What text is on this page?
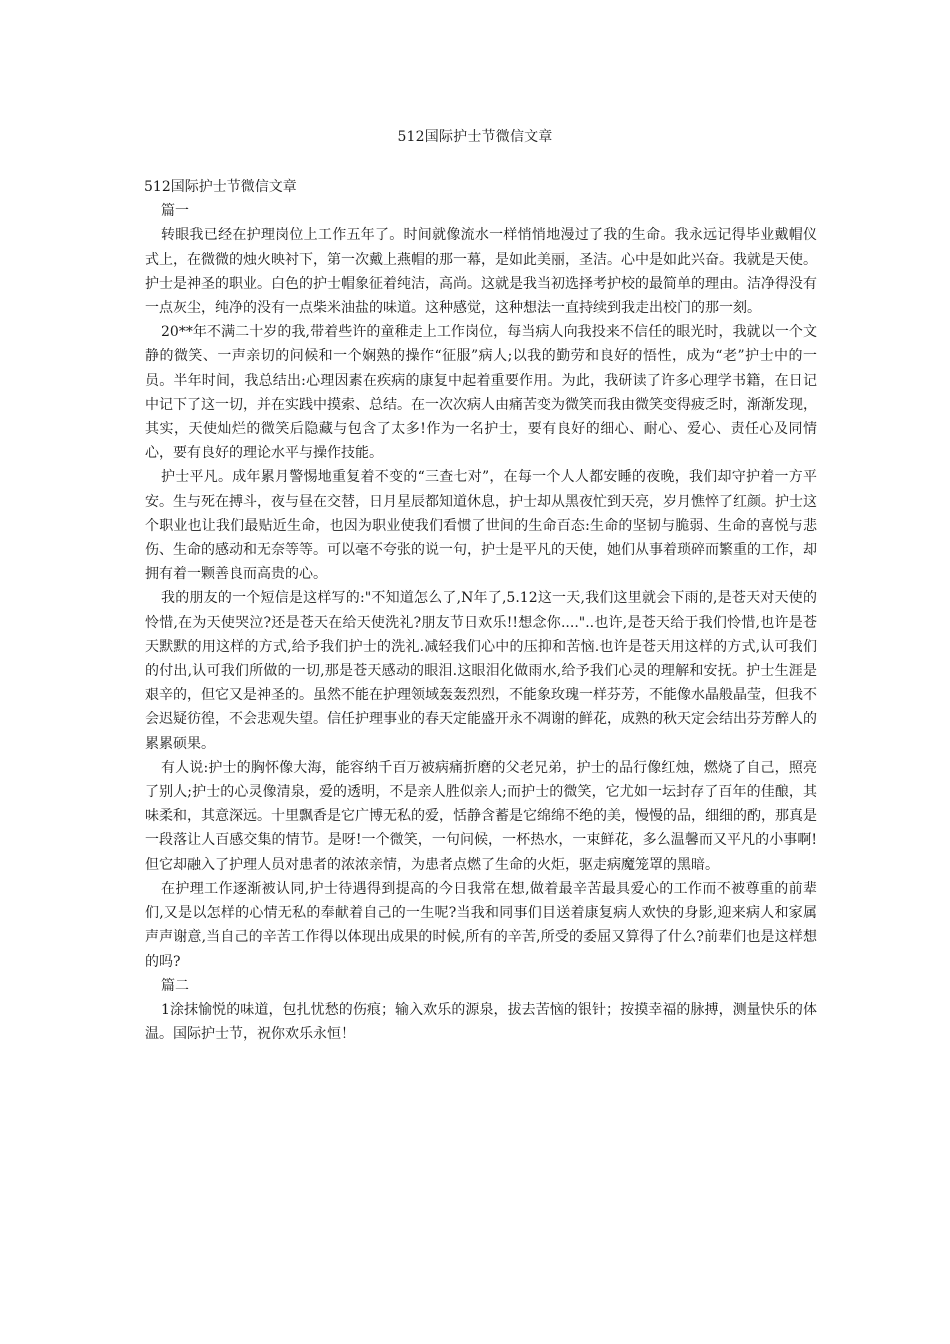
512国际护士节微信文章

512国际护士节微信文章

篇一

转眼我已经在护理岗位上工作五年了。时间就像流水一样悄悄地漫过了我的生命。我永远记得毕业戴帽仪式上，在微微的烛火映衬下，第一次戴上燕帽的那一幕，是如此美丽，圣洁。心中是如此兴奋。我就是天使。护士是神圣的职业。白色的护士帽象征着纯洁，高尚。这就是我当初选择考护校的最简单的理由。洁净得没有一点灰尘，纯净的没有一点柴米油盐的味道。这种感觉，这种想法一直持续到我走出校门的那一刻。

20**年不满二十岁的我,带着些许的童稚走上工作岗位，每当病人向我投来不信任的眼光时，我就以一个文静的微笑、一声亲切的问候和一个娴熟的操作“征服”病人;以我的勤劳和良好的悟性，成为“老”护士中的一员。半年时间，我总结出:心理因素在疾病的康复中起着重要作用。为此，我研读了许多心理学书籍，在日记中记下了这一切，并在实践中摸索、总结。在一次次病人由痛苦变为微笑而我由微笑变得疲乏时，渐渐发现，其实，天使灿烂的微笑后隐藏与包含了太多!作为一名护士，要有良好的细心、耐心、爱心、责任心及同情心，要有良好的理论水平与操作技能。

护士平凡。成年累月警惕地重复着不变的“三查七对”，在每一个人人都安睡的夜晚，我们却守护着一方平安。生与死在搏斗，夜与昼在交替，日月星辰都知道休息，护士却从黑夜忙到天亮，岁月憔悴了红颜。护士这个职业也让我们最贴近生命，也因为职业使我们看惯了世间的生命百态:生命的坚韧与脆弱、生命的喜悦与悲伤、生命的感动和无奈等等。可以毫不夸张的说一句，护士是平凡的天使，她们从事着琐碎而繁重的工作，却拥有着一颗善良而高贵的心。

我的朋友的一个短信是这样写的:"不知道怎么了,N年了,5.12这一天,我们这里就会下雨的,是苍天对天使的怜惜,在为天使哭泣?还是苍天在给天使洗礼?朋友节日欢乐!!想念你...."..也许,是苍天给于我们怜惜,也许是苍天默默的用这样的方式,给予我们护士的洗礼.减轻我们心中的压抑和苦恼.也许是苍天用这样的方式,认可我们的付出,认可我们所做的一切,那是苍天感动的眼泪.这眼泪化做雨水,给予我们心灵的理解和安抚。护士生涯是艰辛的，但它又是神圣的。虽然不能在护理领域轰轰烈烈，不能象玫瑰一样芬芳，不能像水晶般晶莹，但我不会迟疑彷徨，不会悲观失望。信任护理事业的春天定能盛开永不凋谢的鲜花，成熟的秋天定会结出芬芳醉人的累累硕果。

有人说:护士的胸怀像大海，能容纳千百万被病痛折磨的父老兄弟，护士的品行像红烛，燃烧了自己，照亮了别人;护士的心灵像清泉，爱的透明，不是亲人胜似亲人;而护士的微笑，它尤如一坛封存了百年的佳酿，其味柔和，其意深远。十里飘香是它广博无私的爱，恬静含蓄是它绵绵不绝的美，慢慢的品，细细的酌，那真是一段落让人百感交集的情节。是呀!一个微笑，一句问候，一杯热水，一束鲜花，多么温馨而又平凡的小事啊!但它却融入了护理人员对患者的浓浓亲情，为患者点燃了生命的火炬，驱走病魔笼罩的黑暗。

在护理工作逐渐被认同,护士待遇得到提高的今日我常在想,做着最辛苦最具爱心的工作而不被尊重的前辈们,又是以怎样的心情无私的奉献着自己的一生呢?当我和同事们目送着康复病人欢快的身影,迎来病人和家属声声谢意,当自己的辛苦工作得以体现出成果的时候,所有的辛苦,所受的委屈又算得了什么?前辈们也是这样想的吗?

篇二

1涂抹愉悦的味道，包扎忧愁的伤痕；输入欢乐的源泉，拔去苦恼的银针；按摸幸福的脉搏，测量快乐的体温。国际护士节，祝你欢乐永恒！
